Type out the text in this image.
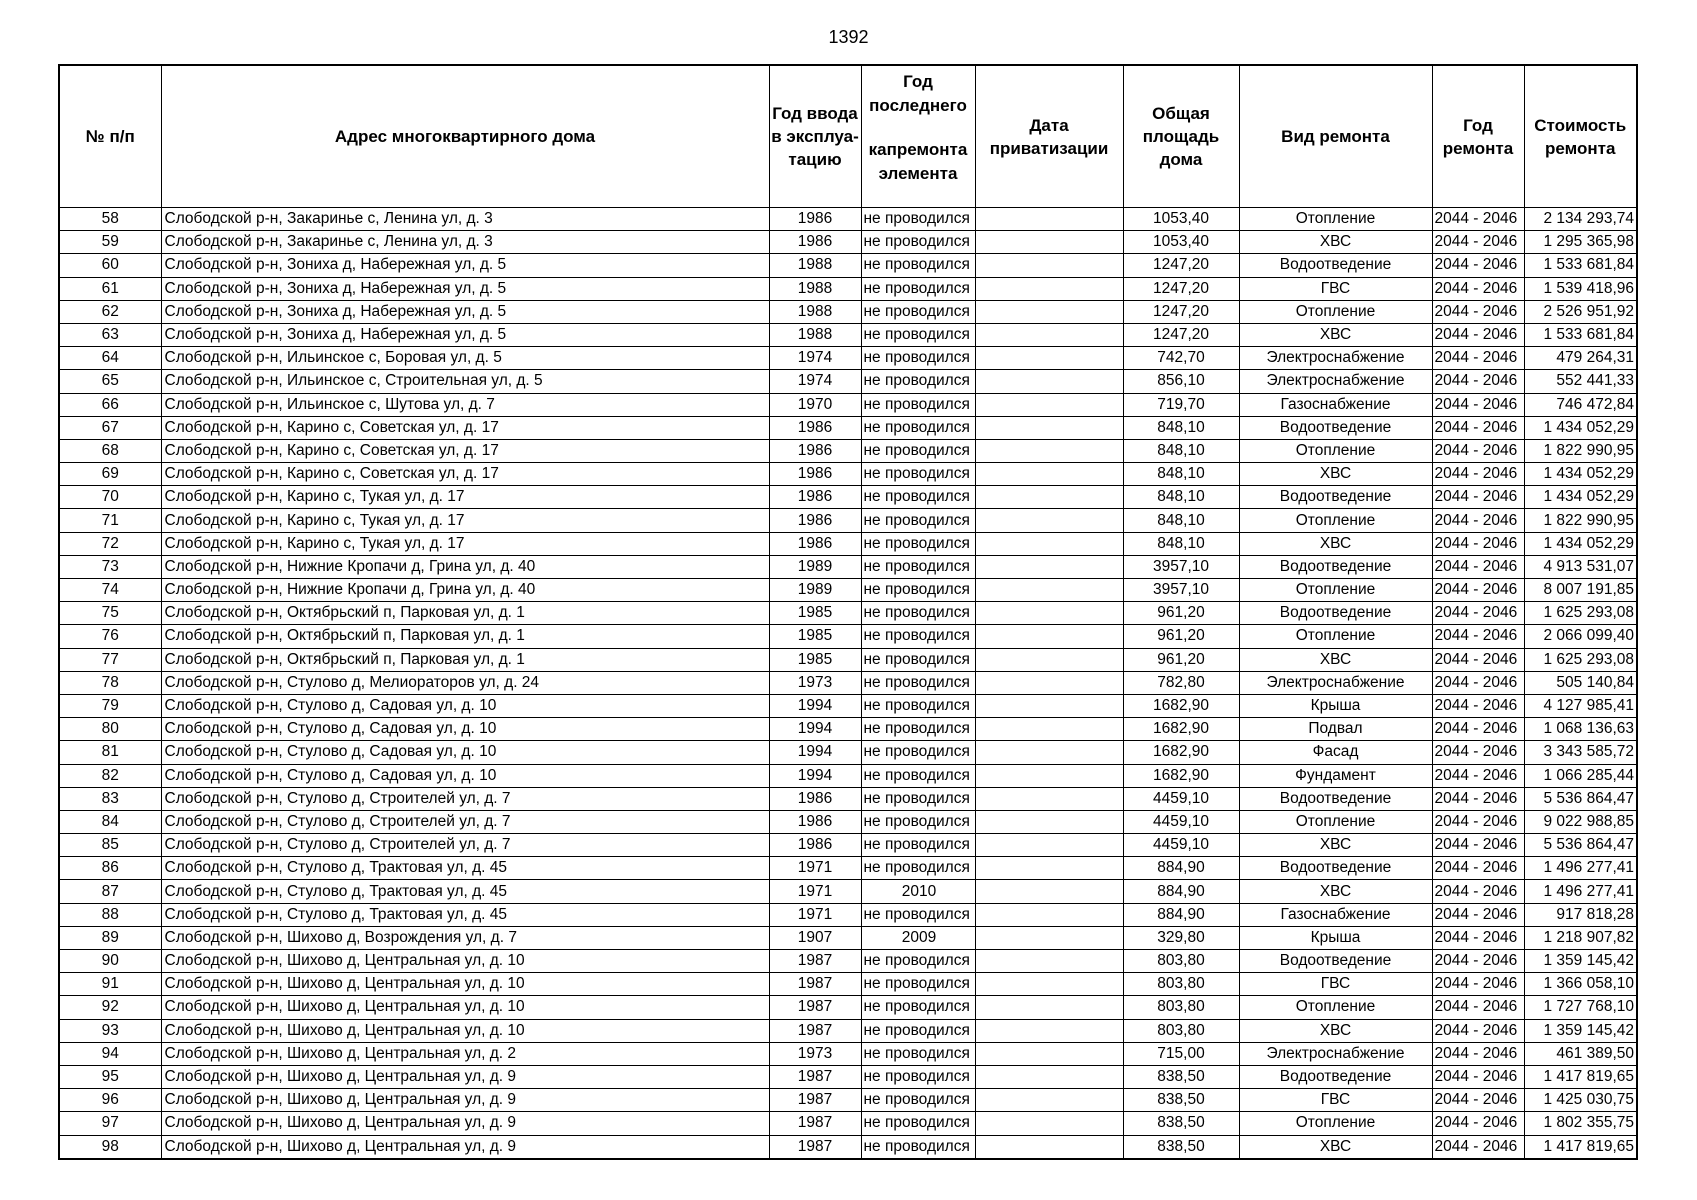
1392
№ п/п	Адрес многоквартирного дома	Год ввода в эксплуа-тацию	Год последнего
капремонта элемента	Дата приватизации	Общая площадь дома	Вид ремонта	Год ремонта	Стоимость ремонта
58	Слободской р-н, Закаринье с, Ленина ул, д. 3	1986	не проводился		1053,40	Отопление	2044 - 2046	2 134 293,74
59	Слободской р-н, Закаринье с, Ленина ул, д. 3	1986	не проводился		1053,40	ХВС	2044 - 2046	1 295 365,98
60	Слободской р-н, Зониха д, Набережная ул, д. 5	1988	не проводился		1247,20	Водоотведение	2044 - 2046	1 533 681,84
61	Слободской р-н, Зониха д, Набережная ул, д. 5	1988	не проводился		1247,20	ГВС	2044 - 2046	1 539 418,96
62	Слободской р-н, Зониха д, Набережная ул, д. 5	1988	не проводился		1247,20	Отопление	2044 - 2046	2 526 951,92
63	Слободской р-н, Зониха д, Набережная ул, д. 5	1988	не проводился		1247,20	ХВС	2044 - 2046	1 533 681,84
64	Слободской р-н, Ильинское с, Боровая ул, д. 5	1974	не проводился		742,70	Электроснабжение	2044 - 2046	479 264,31
65	Слободской р-н, Ильинское с, Строительная ул, д. 5	1974	не проводился		856,10	Электроснабжение	2044 - 2046	552 441,33
66	Слободской р-н, Ильинское с, Шутова ул, д. 7	1970	не проводился		719,70	Газоснабжение	2044 - 2046	746 472,84
67	Слободской р-н, Карино с, Советская ул, д. 17	1986	не проводился		848,10	Водоотведение	2044 - 2046	1 434 052,29
68	Слободской р-н, Карино с, Советская ул, д. 17	1986	не проводился		848,10	Отопление	2044 - 2046	1 822 990,95
69	Слободской р-н, Карино с, Советская ул, д. 17	1986	не проводился		848,10	ХВС	2044 - 2046	1 434 052,29
70	Слободской р-н, Карино с, Тукая ул, д. 17	1986	не проводился		848,10	Водоотведение	2044 - 2046	1 434 052,29
71	Слободской р-н, Карино с, Тукая ул, д. 17	1986	не проводился		848,10	Отопление	2044 - 2046	1 822 990,95
72	Слободской р-н, Карино с, Тукая ул, д. 17	1986	не проводился		848,10	ХВС	2044 - 2046	1 434 052,29
73	Слободской р-н, Нижние Кропачи д, Грина ул, д. 40	1989	не проводился		3957,10	Водоотведение	2044 - 2046	4 913 531,07
74	Слободской р-н, Нижние Кропачи д, Грина ул, д. 40	1989	не проводился		3957,10	Отопление	2044 - 2046	8 007 191,85
75	Слободской р-н, Октябрьский п, Парковая ул, д. 1	1985	не проводился		961,20	Водоотведение	2044 - 2046	1 625 293,08
76	Слободской р-н, Октябрьский п, Парковая ул, д. 1	1985	не проводился		961,20	Отопление	2044 - 2046	2 066 099,40
77	Слободской р-н, Октябрьский п, Парковая ул, д. 1	1985	не проводился		961,20	ХВС	2044 - 2046	1 625 293,08
78	Слободской р-н, Стулово д, Мелиораторов ул, д. 24	1973	не проводился		782,80	Электроснабжение	2044 - 2046	505 140,84
79	Слободской р-н, Стулово д, Садовая ул, д. 10	1994	не проводился		1682,90	Крыша	2044 - 2046	4 127 985,41
80	Слободской р-н, Стулово д, Садовая ул, д. 10	1994	не проводился		1682,90	Подвал	2044 - 2046	1 068 136,63
81	Слободской р-н, Стулово д, Садовая ул, д. 10	1994	не проводился		1682,90	Фасад	2044 - 2046	3 343 585,72
82	Слободской р-н, Стулово д, Садовая ул, д. 10	1994	не проводился		1682,90	Фундамент	2044 - 2046	1 066 285,44
83	Слободской р-н, Стулово д, Строителей ул, д. 7	1986	не проводился		4459,10	Водоотведение	2044 - 2046	5 536 864,47
84	Слободской р-н, Стулово д, Строителей ул, д. 7	1986	не проводился		4459,10	Отопление	2044 - 2046	9 022 988,85
85	Слободской р-н, Стулово д, Строителей ул, д. 7	1986	не проводился		4459,10	ХВС	2044 - 2046	5 536 864,47
86	Слободской р-н, Стулово д, Трактовая ул, д. 45	1971	не проводился		884,90	Водоотведение	2044 - 2046	1 496 277,41
87	Слободской р-н, Стулово д, Трактовая ул, д. 45	1971	2010		884,90	ХВС	2044 - 2046	1 496 277,41
88	Слободской р-н, Стулово д, Трактовая ул, д. 45	1971	не проводился		884,90	Газоснабжение	2044 - 2046	917 818,28
89	Слободской р-н, Шихово д, Возрождения ул, д. 7	1907	2009		329,80	Крыша	2044 - 2046	1 218 907,82
90	Слободской р-н, Шихово д, Центральная ул, д. 10	1987	не проводился		803,80	Водоотведение	2044 - 2046	1 359 145,42
91	Слободской р-н, Шихово д, Центральная ул, д. 10	1987	не проводился		803,80	ГВС	2044 - 2046	1 366 058,10
92	Слободской р-н, Шихово д, Центральная ул, д. 10	1987	не проводился		803,80	Отопление	2044 - 2046	1 727 768,10
93	Слободской р-н, Шихово д, Центральная ул, д. 10	1987	не проводился		803,80	ХВС	2044 - 2046	1 359 145,42
94	Слободской р-н, Шихово д, Центральная ул, д. 2	1973	не проводился		715,00	Электроснабжение	2044 - 2046	461 389,50
95	Слободской р-н, Шихово д, Центральная ул, д. 9	1987	не проводился		838,50	Водоотведение	2044 - 2046	1 417 819,65
96	Слободской р-н, Шихово д, Центральная ул, д. 9	1987	не проводился		838,50	ГВС	2044 - 2046	1 425 030,75
97	Слободской р-н, Шихово д, Центральная ул, д. 9	1987	не проводился		838,50	Отопление	2044 - 2046	1 802 355,75
98	Слободской р-н, Шихово д, Центральная ул, д. 9	1987	не проводился		838,50	ХВС	2044 - 2046	1 417 819,65
